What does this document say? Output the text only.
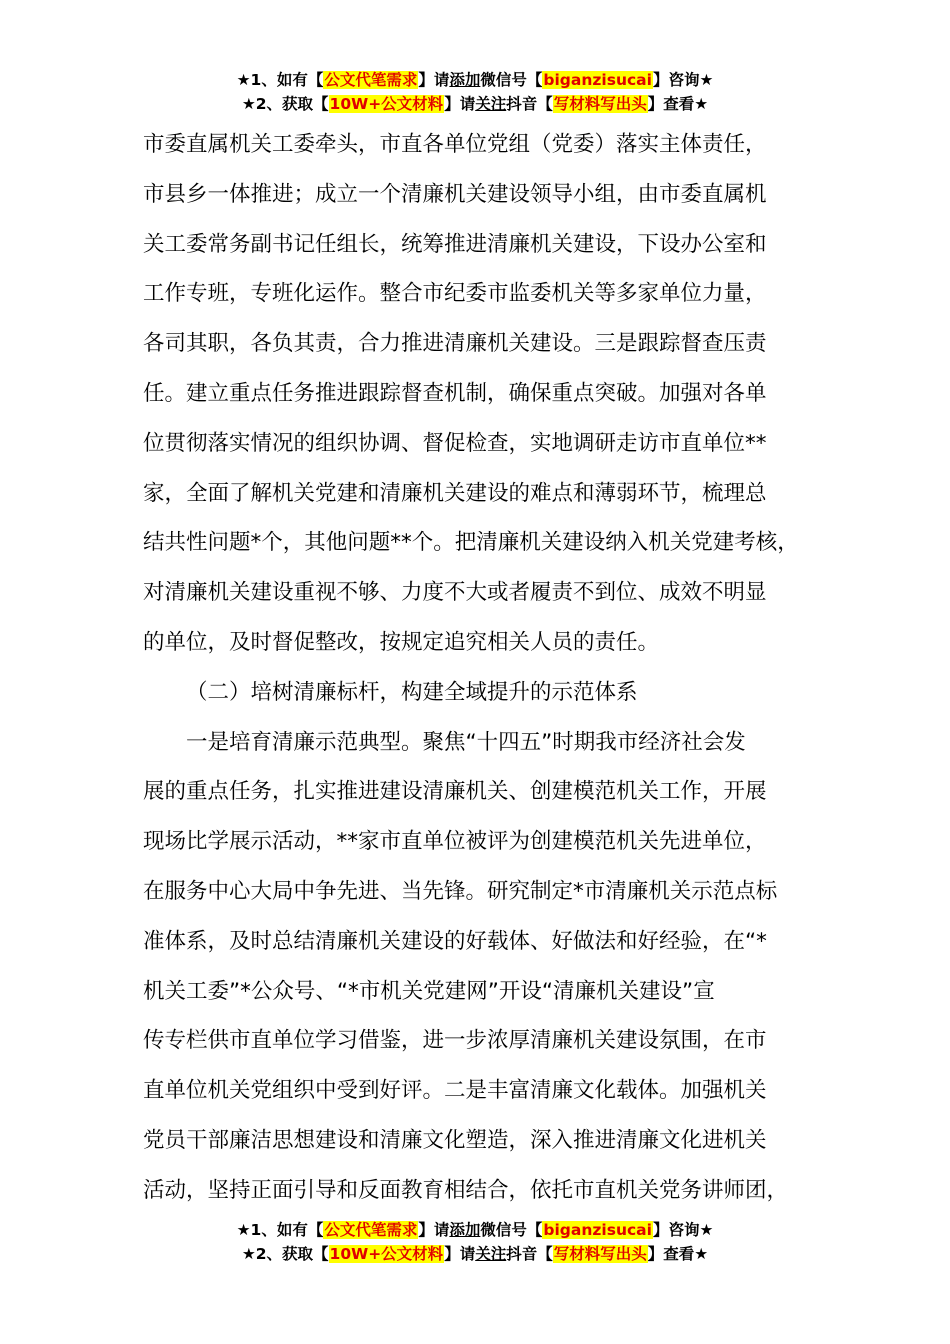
★1、如有【公文代笔需求】请添加微信号【biganzisucai】咨询★
★2、获取【10W+公文材料】请关注抖音【写材料写出头】查看★
市委直属机关工委牵头，市直各单位党组（党委）落实主体责任，
市县乡一体推进；成立一个清廉机关建设领导小组，由市委直属机
关工委常务副书记任组长，统筹推进清廉机关建设，下设办公室和
工作专班，专班化运作。整合市纪委市监委机关等多家单位力量，
各司其职，各负其责，合力推进清廉机关建设。三是跟踪督查压责
任。建立重点任务推进跟踪督查机制，确保重点突破。加强对各单
位贯彻落实情况的组织协调、督促检查，实地调研走访市直单位**
家，全面了解机关党建和清廉机关建设的难点和薄弱环节，梳理总
结共性问题*个，其他问题**个。把清廉机关建设纳入机关党建考核，
对清廉机关建设重视不够、力度不大或者履责不到位、成效不明显
的单位，及时督促整改，按规定追究相关人员的责任。
（二）培树清廉标杆，构建全域提升的示范体系
一是培育清廉示范典型。聚焦“十四五”时期我市经济社会发
展的重点任务，扎实推进建设清廉机关、创建模范机关工作，开展
现场比学展示活动，**家市直单位被评为创建模范机关先进单位，
在服务中心大局中争先进、当先锋。研究制定*市清廉机关示范点标
准体系，及时总结清廉机关建设的好载体、好做法和好经验，在“*
机关工委”*公众号、“*市机关党建网”开设“清廉机关建设”宣
传专栏供市直单位学习借鉴，进一步浓厚清廉机关建设氛围，在市
直单位机关党组织中受到好评。二是丰富清廉文化载体。加强机关
党员干部廉洁思想建设和清廉文化塑造，深入推进清廉文化进机关
活动，坚持正面引导和反面教育相结合，依托市直机关党务讲师团，
★1、如有【公文代笔需求】请添加微信号【biganzisucai】咨询★
★2、获取【10W+公文材料】请关注抖音【写材料写出头】查看★
